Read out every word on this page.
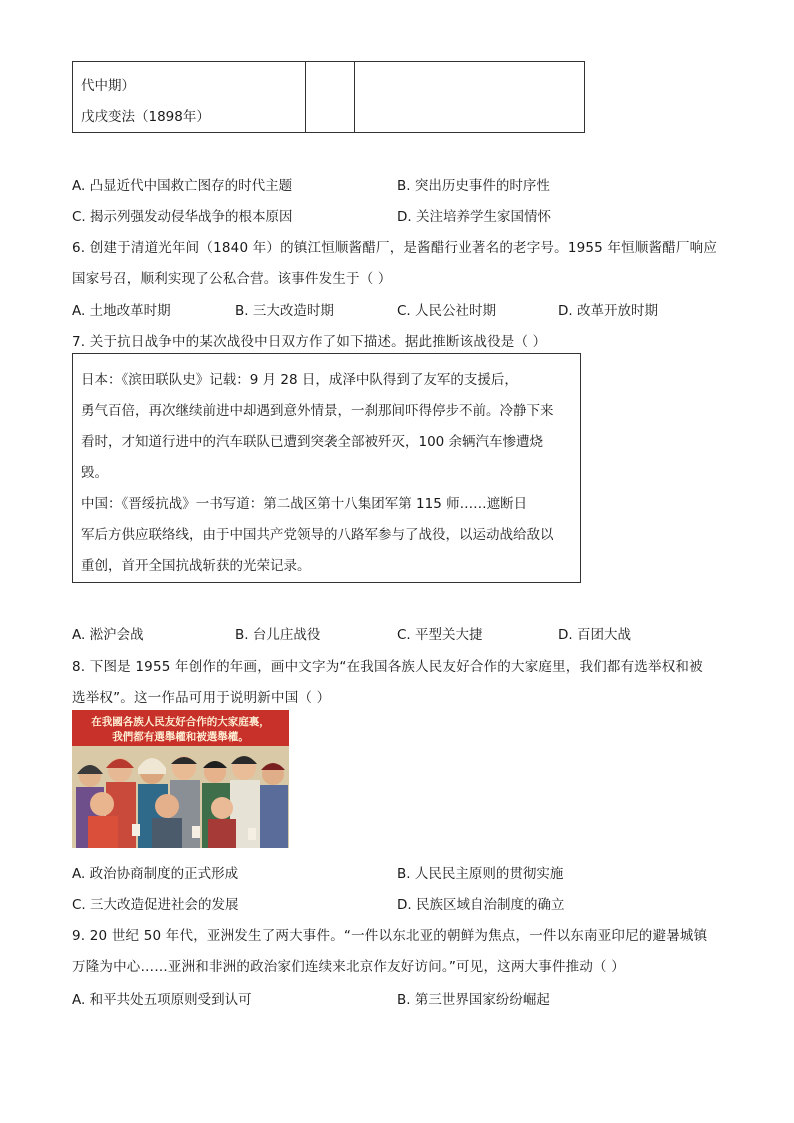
代中期）
戊戌变法（1898年）
A. 凸显近代中国救亡图存的时代主题	B. 突出历史事件的时序性
C. 揭示列强发动侵华战争的根本原因	D. 关注培养学生家国情怀
6. 创建于清道光年间（1840 年）的镇江恒顺酱醋厂，是酱醋行业著名的老字号。1955 年恒顺酱醋厂响应
国家号召，顺利实现了公私合营。该事件发生于（ ）
A. 土地改革时期	B. 三大改造时期	C. 人民公社时期	D. 改革开放时期
7. 关于抗日战争中的某次战役中日双方作了如下描述。据此推断该战役是（ ）
日本：《滨田联队史》记载：9 月 28 日，成泽中队得到了友军的支援后，
勇气百倍，再次继续前进中却遇到意外情景，一刹那间吓得停步不前。冷静下来
看时，才知道行进中的汽车联队已遭到突袭全部被歼灭，100 余辆汽车惨遭烧
毁。
中国：《晋绥抗战》一书写道：第二战区第十八集团军第 115 师……遮断日
军后方供应联络线，由于中国共产党领导的八路军参与了战役，以运动战给敌以
重创，首开全国抗战斩获的光荣记录。
A. 淞沪会战	B. 台儿庄战役	C. 平型关大捷	D. 百团大战
8. 下图是 1955 年创作的年画，画中文字为“在我国各族人民友好合作的大家庭里，我们都有选举权和被
选举权”。这一作品可用于说明新中国（ ）
在我國各族人民友好合作的大家庭裏，
我們都有選舉權和被選舉權。
A. 政治协商制度的正式形成	B. 人民民主原则的贯彻实施
C. 三大改造促进社会的发展	D. 民族区域自治制度的确立
9. 20 世纪 50 年代，亚洲发生了两大事件。“一件以东北亚的朝鲜为焦点，一件以东南亚印尼的避暑城镇
万隆为中心……亚洲和非洲的政治家们连续来北京作友好访问。”可见，这两大事件推动（ ）
A. 和平共处五项原则受到认可	B. 第三世界国家纷纷崛起
